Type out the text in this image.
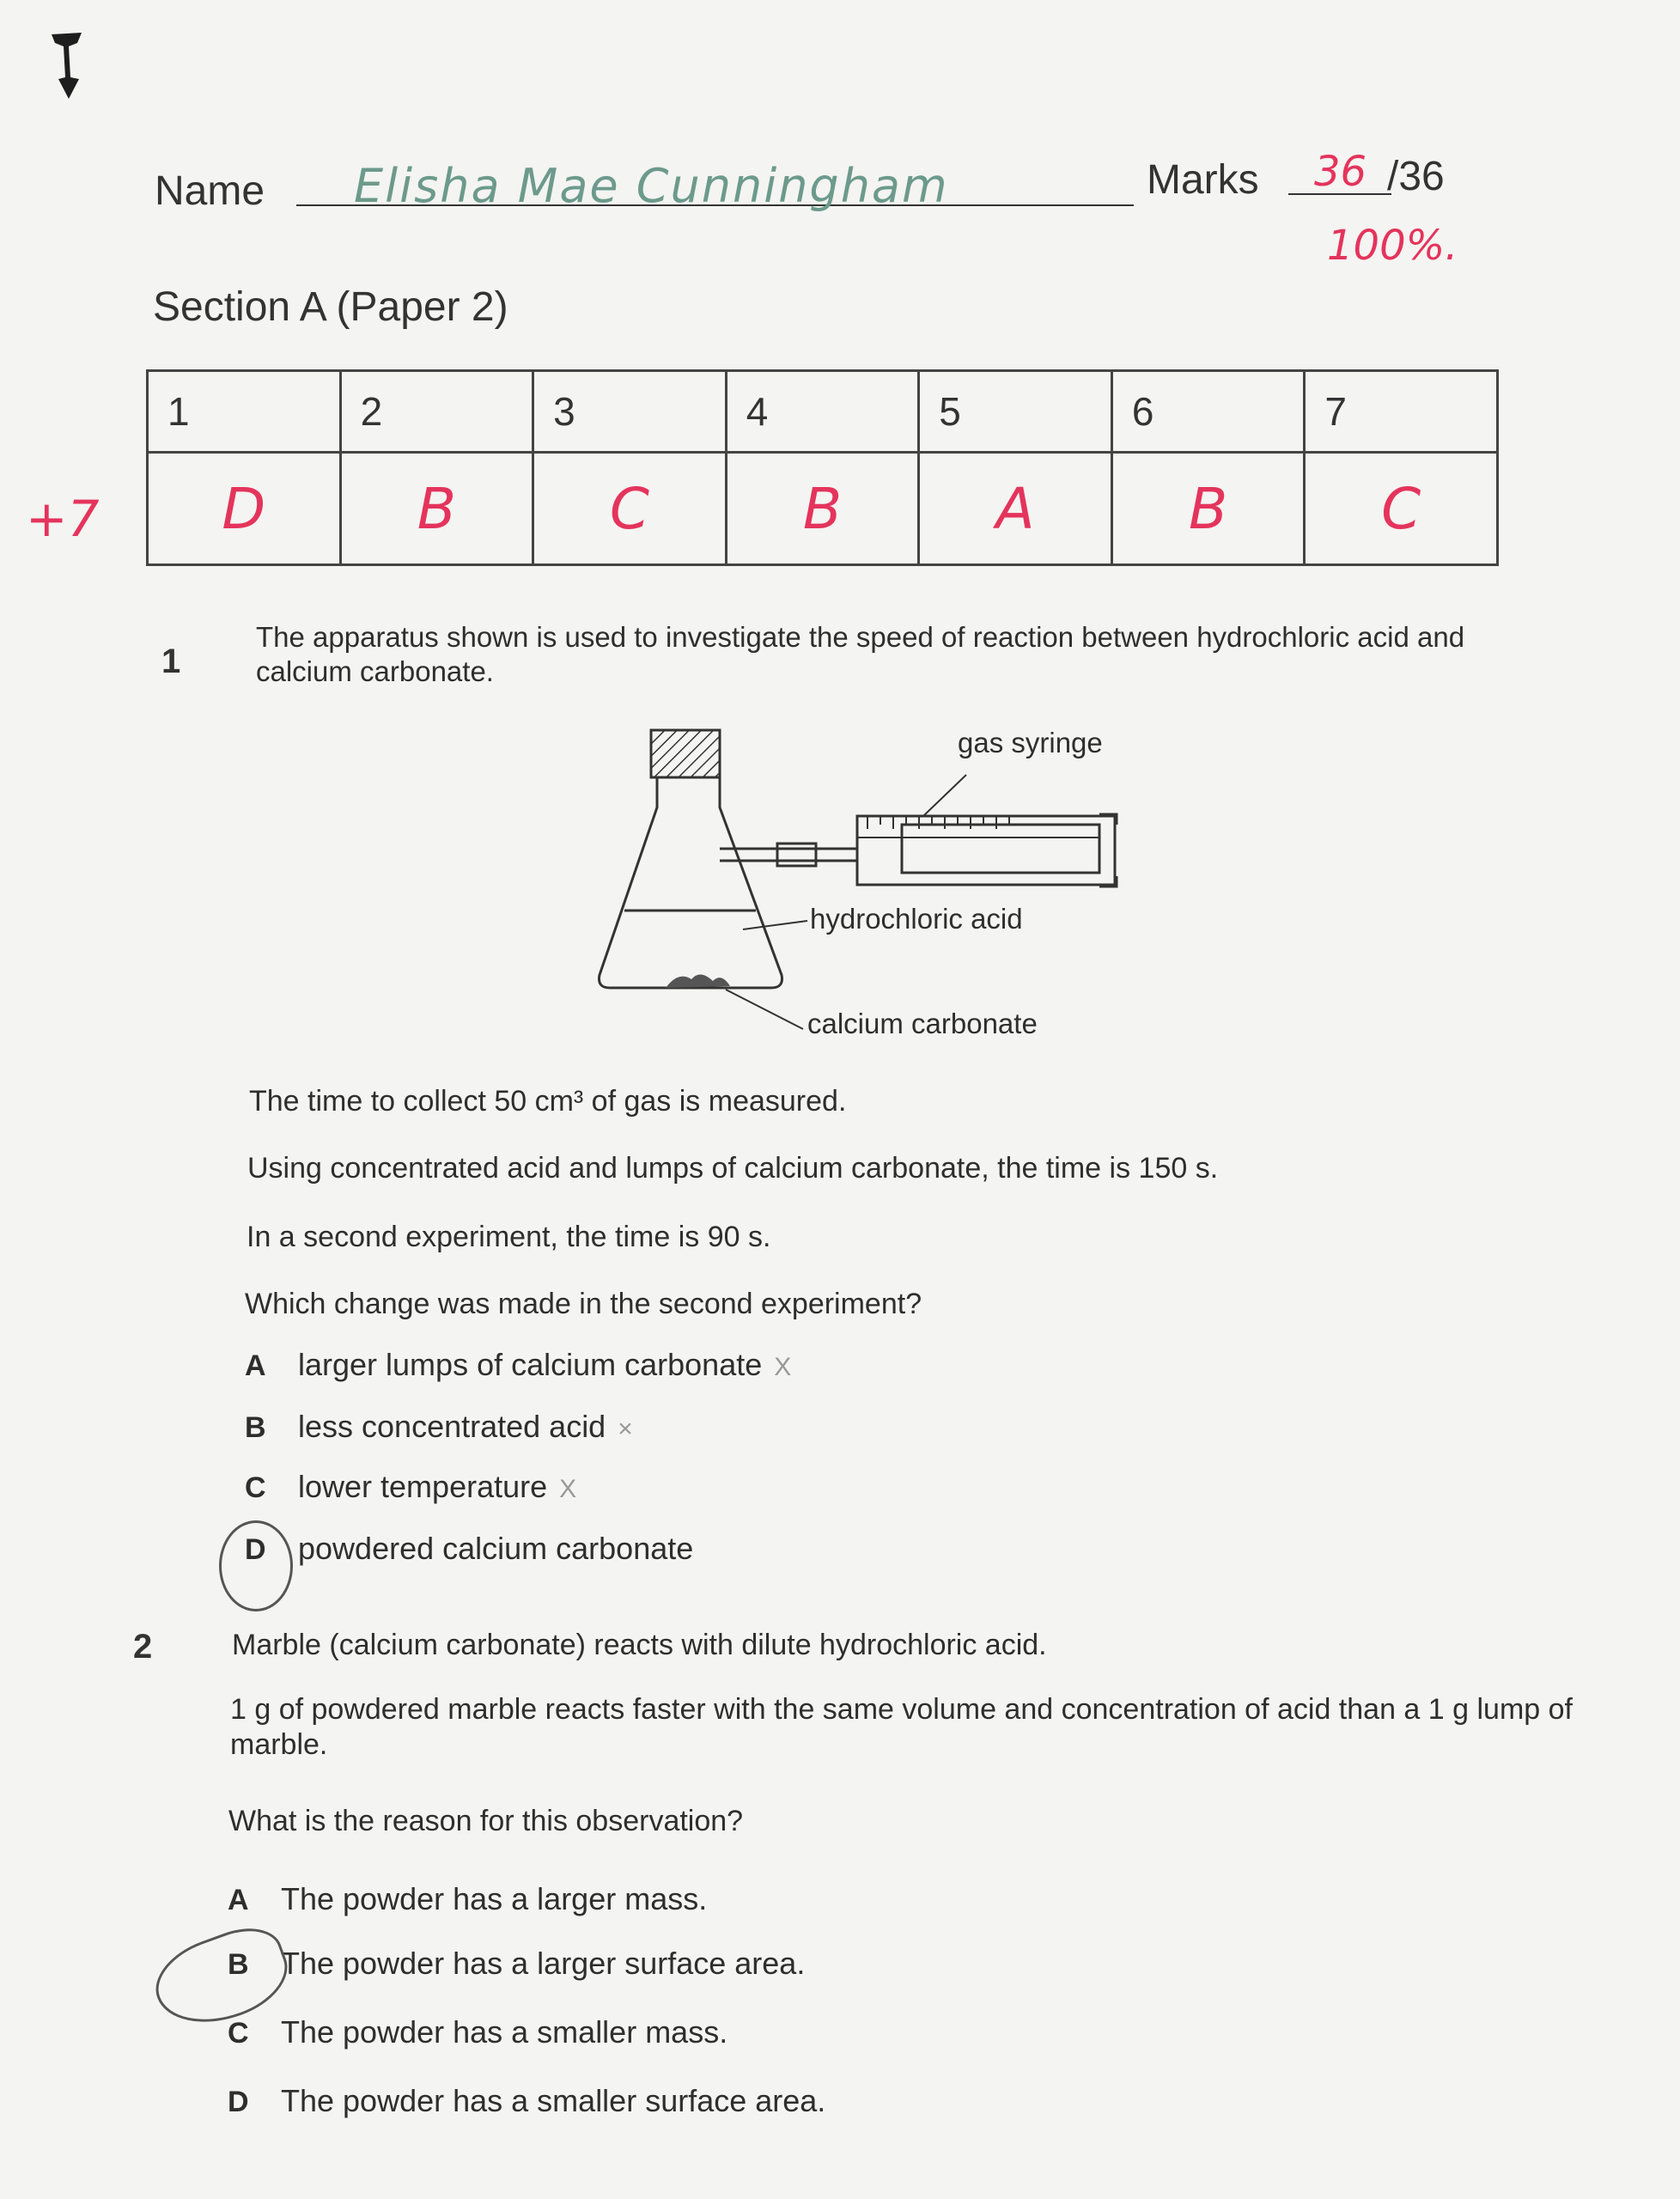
Name Elisha Mae Cunningham	Marks 36 /36
100%.
Section A (Paper 2)
+7
1	2	3	4	5	6	7
D	B	C	B	A	B	C
1
The apparatus shown is used to investigate the speed of reaction between hydrochloric acid and calcium carbonate.
gas syringe
hydrochloric acid
calcium carbonate
The time to collect 50 cm³ of gas is measured.
Using concentrated acid and lumps of calcium carbonate, the time is 150 s.
In a second experiment, the time is 90 s.
Which change was made in the second experiment?
A larger lumps of calcium carbonate X
B less concentrated acid ×
C lower temperature X
D powdered calcium carbonate
2	Marble (calcium carbonate) reacts with dilute hydrochloric acid.
1 g of powdered marble reacts faster with the same volume and concentration of acid than a 1 g lump of marble.
What is the reason for this observation?
A The powder has a larger mass.
B The powder has a larger surface area.
C The powder has a smaller mass.
D The powder has a smaller surface area.
